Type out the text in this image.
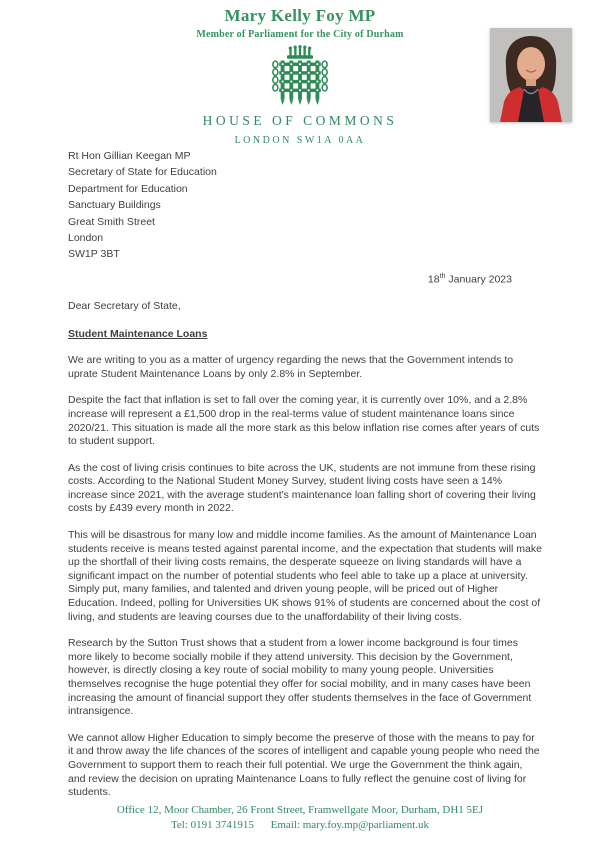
Mary Kelly Foy MP
Member of Parliament for the City of Durham
HOUSE OF COMMONS
LONDON SW1A 0AA
Rt Hon Gillian Keegan MP
Secretary of State for Education
Department for Education
Sanctuary Buildings
Great Smith Street
London
SW1P 3BT
18th January 2023
Dear Secretary of State,
Student Maintenance Loans

We are writing to you as a matter of urgency regarding the news that the Government intends to uprate Student Maintenance Loans by only 2.8% in September.

Despite the fact that inflation is set to fall over the coming year, it is currently over 10%, and a 2.8% increase will represent a £1,500 drop in the real-terms value of student maintenance loans since 2020/21. This situation is made all the more stark as this below inflation rise comes after years of cuts to student support.

As the cost of living crisis continues to bite across the UK, students are not immune from these rising costs. According to the National Student Money Survey, student living costs have seen a 14% increase since 2021, with the average student's maintenance loan falling short of covering their living costs by £439 every month in 2022.

This will be disastrous for many low and middle income families. As the amount of Maintenance Loan students receive is means tested against parental income, and the expectation that students will make up the shortfall of their living costs remains, the desperate squeeze on living standards will have a significant impact on the number of potential students who feel able to take up a place at university. Simply put, many families, and talented and driven young people, will be priced out of Higher Education. Indeed, polling for Universities UK shows 91% of students are concerned about the cost of living, and students are leaving courses due to the unaffordability of their living costs.

Research by the Sutton Trust shows that a student from a lower income background is four times more likely to become socially mobile if they attend university. This decision by the Government, however, is directly closing a key route of social mobility to many young people. Universities themselves recognise the huge potential they offer for social mobility, and in many cases have been increasing the amount of financial support they offer students themselves in the face of Government intransigence.

We cannot allow Higher Education to simply become the preserve of those with the means to pay for it and throw away the life chances of the scores of intelligent and capable young people who need the Government to support them to reach their full potential. We urge the Government the think again, and review the decision on uprating Maintenance Loans to fully reflect the genuine cost of living for students.

Office 12, Moor Chamber, 26 Front Street, Framwellgate Moor, Durham, DH1 5EJ
Tel: 0191 3741915 Email: mary.foy.mp@parliament.uk
